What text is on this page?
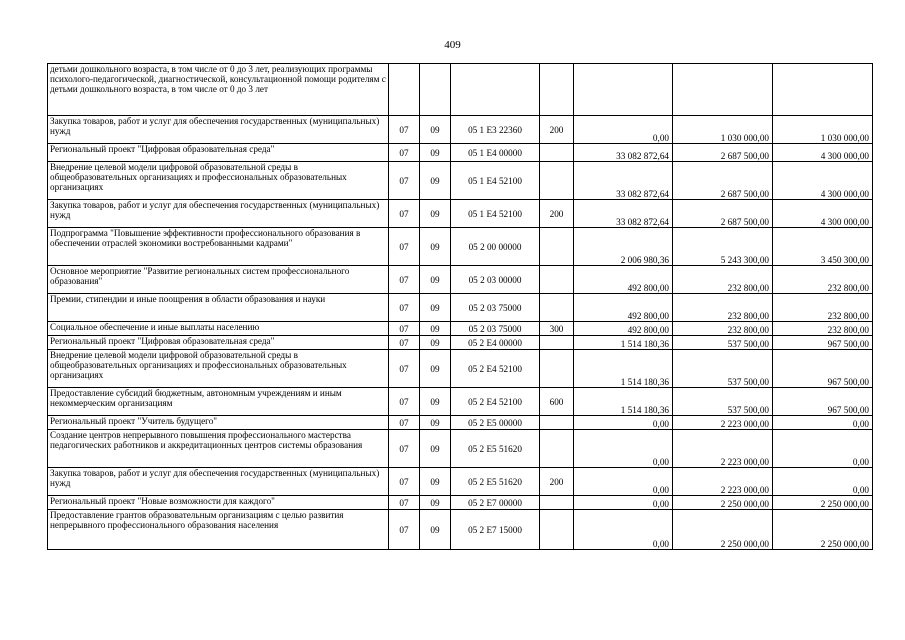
409
детьми дошкольного возраста, в том числе от 0 до 3 лет, реализующих программы психолого-педагогической, диагностической, консультационной помощи родителям с детьми дошкольного возраста, в том числе от 0 до 3 лет							
Закупка товаров, работ и услуг для обеспечения государственных (муниципальных) нужд	07	09	05 1 E3 22360	200	0,00	1 030 000,00	1 030 000,00
Региональный проект "Цифровая образовательная среда"	07	09	05 1 E4 00000		33 082 872,64	2 687 500,00	4 300 000,00
Внедрение целевой модели цифровой образовательной среды в общеобразовательных организациях и профессиональных образовательных организациях	07	09	05 1 E4 52100		33 082 872,64	2 687 500,00	4 300 000,00
Закупка товаров, работ и услуг для обеспечения государственных (муниципальных) нужд	07	09	05 1 E4 52100	200	33 082 872,64	2 687 500,00	4 300 000,00
Подпрограмма "Повышение эффективности профессионального образования в обеспечении отраслей экономики востребованными кадрами"	07	09	05 2 00 00000		2 006 980,36	5 243 300,00	3 450 300,00
Основное мероприятие "Развитие региональных систем профессионального образования"	07	09	05 2 03 00000		492 800,00	232 800,00	232 800,00
Премии, стипендии и иные поощрения в области образования и науки	07	09	05 2 03 75000		492 800,00	232 800,00	232 800,00
Социальное обеспечение и иные выплаты населению	07	09	05 2 03 75000	300	492 800,00	232 800,00	232 800,00
Региональный проект "Цифровая образовательная среда"	07	09	05 2 E4 00000		1 514 180,36	537 500,00	967 500,00
Внедрение целевой модели цифровой образовательной среды в общеобразовательных организациях и профессиональных образовательных организациях	07	09	05 2 E4 52100		1 514 180,36	537 500,00	967 500,00
Предоставление субсидий бюджетным, автономным учреждениям и иным некоммерческим организациям	07	09	05 2 E4 52100	600	1 514 180,36	537 500,00	967 500,00
Региональный проект "Учитель будущего"	07	09	05 2 E5 00000		0,00	2 223 000,00	0,00
Создание центров непрерывного повышения профессионального мастерства педагогических работников и аккредитационных центров системы образования	07	09	05 2 E5 51620		0,00	2 223 000,00	0,00
Закупка товаров, работ и услуг для обеспечения государственных (муниципальных) нужд	07	09	05 2 E5 51620	200	0,00	2 223 000,00	0,00
Региональный проект "Новые возможности для каждого"	07	09	05 2 E7 00000		0,00	2 250 000,00	2 250 000,00
Предоставление грантов образовательным организациям с целью развития непрерывного профессионального образования населения	07	09	05 2 E7 15000		0,00	2 250 000,00	2 250 000,00
